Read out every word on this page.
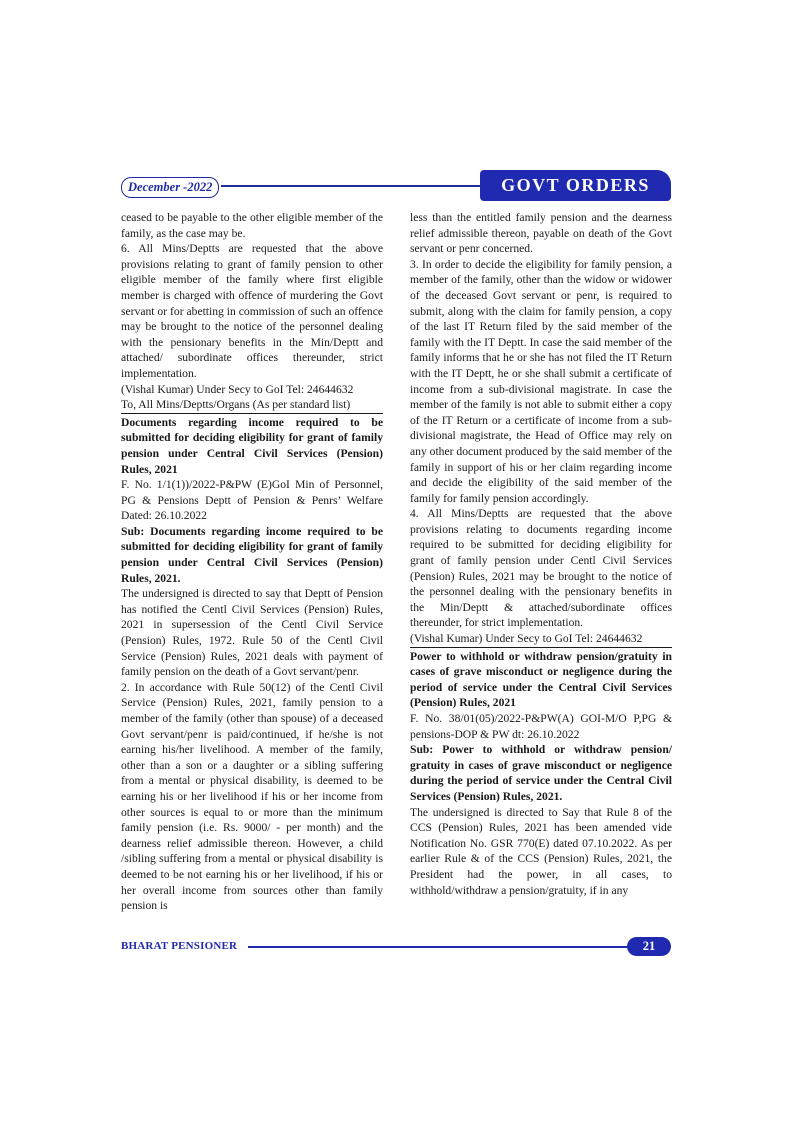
December -2022	GOVT ORDERS

ceased to be payable to the other eligible member of the family, as the case may be.

6. All Mins/Deptts are requested that the above provisions relating to grant of family pension to other eligible member of the family where first eligible member is charged with offence of murdering the Govt servant or for abetting in commission of such an offence may be brought to the notice of the personnel dealing with the pensionary benefits in the Min/Deptt and attached/ subordinate offices thereunder, strict implementation.

(Vishal Kumar) Under Secy to GoI Tel: 24644632

To, All Mins/Deptts/Organs (As per standard list)

Documents regarding income required to be submitted for deciding eligibility for grant of family pension under Central Civil Services (Pension) Rules, 2021

F. No. 1/1(1))/2022-P&PW (E)GoI Min of Personnel, PG & Pensions Deptt of Pension & Penrs’ Welfare Dated: 26.10.2022

Sub: Documents regarding income required to be submitted for deciding eligibility for grant of family pension under Central Civil Services (Pension) Rules, 2021.

The undersigned is directed to say that Deptt of Pension has notified the Centl Civil Services (Pension) Rules, 2021 in supersession of the Centl Civil Service (Pension) Rules, 1972. Rule 50 of the Centl Civil Service (Pension) Rules, 2021 deals with payment of family pension on the death of a Govt servant/penr.

2. In accordance with Rule 50(12) of the Centl Civil Service (Pension) Rules, 2021, family pension to a member of the family (other than spouse) of a deceased Govt servant/penr is paid/continued, if he/she is not earning his/her livelihood. A member of the family, other than a son or a daughter or a sibling suffering from a mental or physical disability, is deemed to be earning his or her livelihood if his or her income from other sources is equal to or more than the minimum family pension (i.e. Rs. 9000/ - per month) and the dearness relief admissible thereon. However, a child /sibling suffering from a mental or physical disability is deemed to be not earning his or her livelihood, if his or her overall income from sources other than family pension is

less than the entitled family pension and the dearness relief admissible thereon, payable on death of the Govt servant or penr concerned.

3. In order to decide the eligibility for family pension, a member of the family, other than the widow or widower of the deceased Govt servant or penr, is required to submit, along with the claim for family pension, a copy of the last IT Return filed by the said member of the family with the IT Deptt. In case the said member of the family informs that he or she has not filed the IT Return with the IT Deptt, he or she shall submit a certificate of income from a sub-divisional magistrate. In case the member of the family is not able to submit either a copy of the IT Return or a certificate of income from a sub-divisional magistrate, the Head of Office may rely on any other document produced by the said member of the family in support of his or her claim regarding income and decide the eligibility of the said member of the family for family pension accordingly.

4. All Mins/Deptts are requested that the above provisions relating to documents regarding income required to be submitted for deciding eligibility for grant of family pension under Centl Civil Services (Pension) Rules, 2021 may be brought to the notice of the personnel dealing with the pensionary benefits in the Min/Deptt & attached/subordinate offices thereunder, for strict implementation.

(Vishal Kumar) Under Secy to GoI Tel: 24644632

Power to withhold or withdraw pension/gratuity in cases of grave misconduct or negligence during the period of service under the Central Civil Services (Pension) Rules, 2021

F. No. 38/01(05)/2022-P&PW(A) GOI-M/O P,PG & pensions-DOP & PW dt: 26.10.2022

Sub: Power to withhold or withdraw pension/ gratuity in cases of grave misconduct or negligence during the period of service under the Central Civil Services (Pension) Rules, 2021.

The undersigned is directed to Say that Rule 8 of the CCS (Pension) Rules, 2021 has been amended vide Notification No. GSR 770(E) dated 07.10.2022. As per earlier Rule & of the CCS (Pension) Rules, 2021, the President had the power, in all cases, to withhold/withdraw a pension/gratuity, if in any

BHARAT PENSIONER	21
